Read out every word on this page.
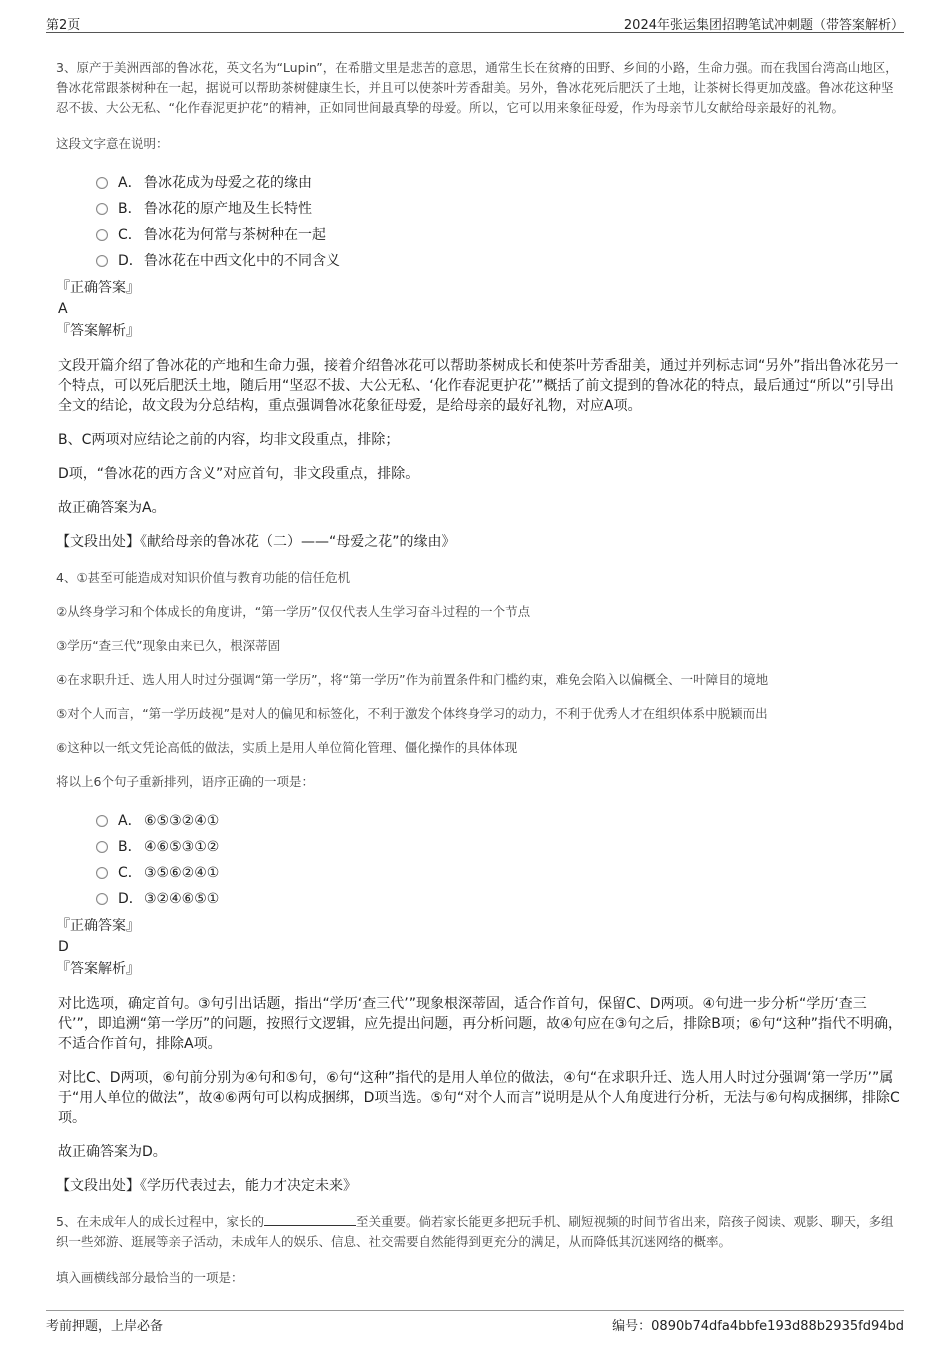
第2页	2024年张运集团招聘笔试冲刺题（带答案解析）

3、原产于美洲西部的鲁冰花，英文名为“Lupin”，在希腊文里是悲苦的意思，通常生长在贫瘠的田野、乡间的小路，生命力强。而在我国台湾高山地区，鲁冰花常跟茶树种在一起，据说可以帮助茶树健康生长，并且可以使茶叶芳香甜美。另外，鲁冰花死后肥沃了土地，让茶树长得更加茂盛。鲁冰花这种坚忍不拔、大公无私、“化作春泥更护花”的精神，正如同世间最真挚的母爱。所以，它可以用来象征母爱，作为母亲节儿女献给母亲最好的礼物。

这段文字意在说明：

A． 鲁冰花成为母爱之花的缘由
B． 鲁冰花的原产地及生长特性
C． 鲁冰花为何常与茶树种在一起
D． 鲁冰花在中西文化中的不同含义

『正确答案』

A

『答案解析』

文段开篇介绍了鲁冰花的产地和生命力强，接着介绍鲁冰花可以帮助茶树成长和使茶叶芳香甜美，通过并列标志词“另外”指出鲁冰花另一个特点，可以死后肥沃土地，随后用“坚忍不拔、大公无私、‘化作春泥更护花’”概括了前文提到的鲁冰花的特点，最后通过“所以”引导出全文的结论，故文段为分总结构，重点强调鲁冰花象征母爱，是给母亲的最好礼物，对应A项。

B、C两项对应结论之前的内容，均非文段重点，排除；

D项，“鲁冰花的西方含义”对应首句，非文段重点，排除。

故正确答案为A。

【文段出处】《献给母亲的鲁冰花（二）——“母爱之花”的缘由》

4、①甚至可能造成对知识价值与教育功能的信任危机

②从终身学习和个体成长的角度讲，“第一学历”仅仅代表人生学习奋斗过程的一个节点

③学历“查三代”现象由来已久，根深蒂固

④在求职升迁、选人用人时过分强调“第一学历”，将“第一学历”作为前置条件和门槛约束，难免会陷入以偏概全、一叶障目的境地

⑤对个人而言，“第一学历歧视”是对人的偏见和标签化，不利于激发个体终身学习的动力，不利于优秀人才在组织体系中脱颖而出

⑥这种以一纸文凭论高低的做法，实质上是用人单位简化管理、僵化操作的具体体现

将以上6个句子重新排列，语序正确的一项是：

A． ⑥⑤③②④①
B． ④⑥⑤③①②
C． ③⑤⑥②④①
D． ③②④⑥⑤①

『正确答案』

D

『答案解析』

对比选项，确定首句。③句引出话题，指出“学历‘查三代’”现象根深蒂固，适合作首句，保留C、D两项。④句进一步分析“学历‘查三代’”，即追溯“第一学历”的问题，按照行文逻辑，应先提出问题，再分析问题，故④句应在③句之后，排除B项；⑥句“这种”指代不明确，不适合作首句，排除A项。

对比C、D两项，⑥句前分别为④句和⑤句，⑥句“这种”指代的是用人单位的做法，④句“在求职升迁、选人用人时过分强调‘第一学历’”属于“用人单位的做法”，故④⑥两句可以构成捆绑，D项当选。⑤句“对个人而言”说明是从个人角度进行分析，无法与⑥句构成捆绑，排除C项。

故正确答案为D。

【文段出处】《学历代表过去，能力才决定未来》

5、在未成年人的成长过程中，家长的	至关重要。倘若家长能更多把玩手机、刷短视频的时间节省出来，陪孩子阅读、观影、聊天，多组织一些郊游、逛展等亲子活动，未成年人的娱乐、信息、社交需要自然能得到更充分的满足，从而降低其沉迷网络的概率。

填入画横线部分最恰当的一项是：

考前押题，上岸必备	编号：0890b74dfa4bbfe193d88b2935fd94bd
